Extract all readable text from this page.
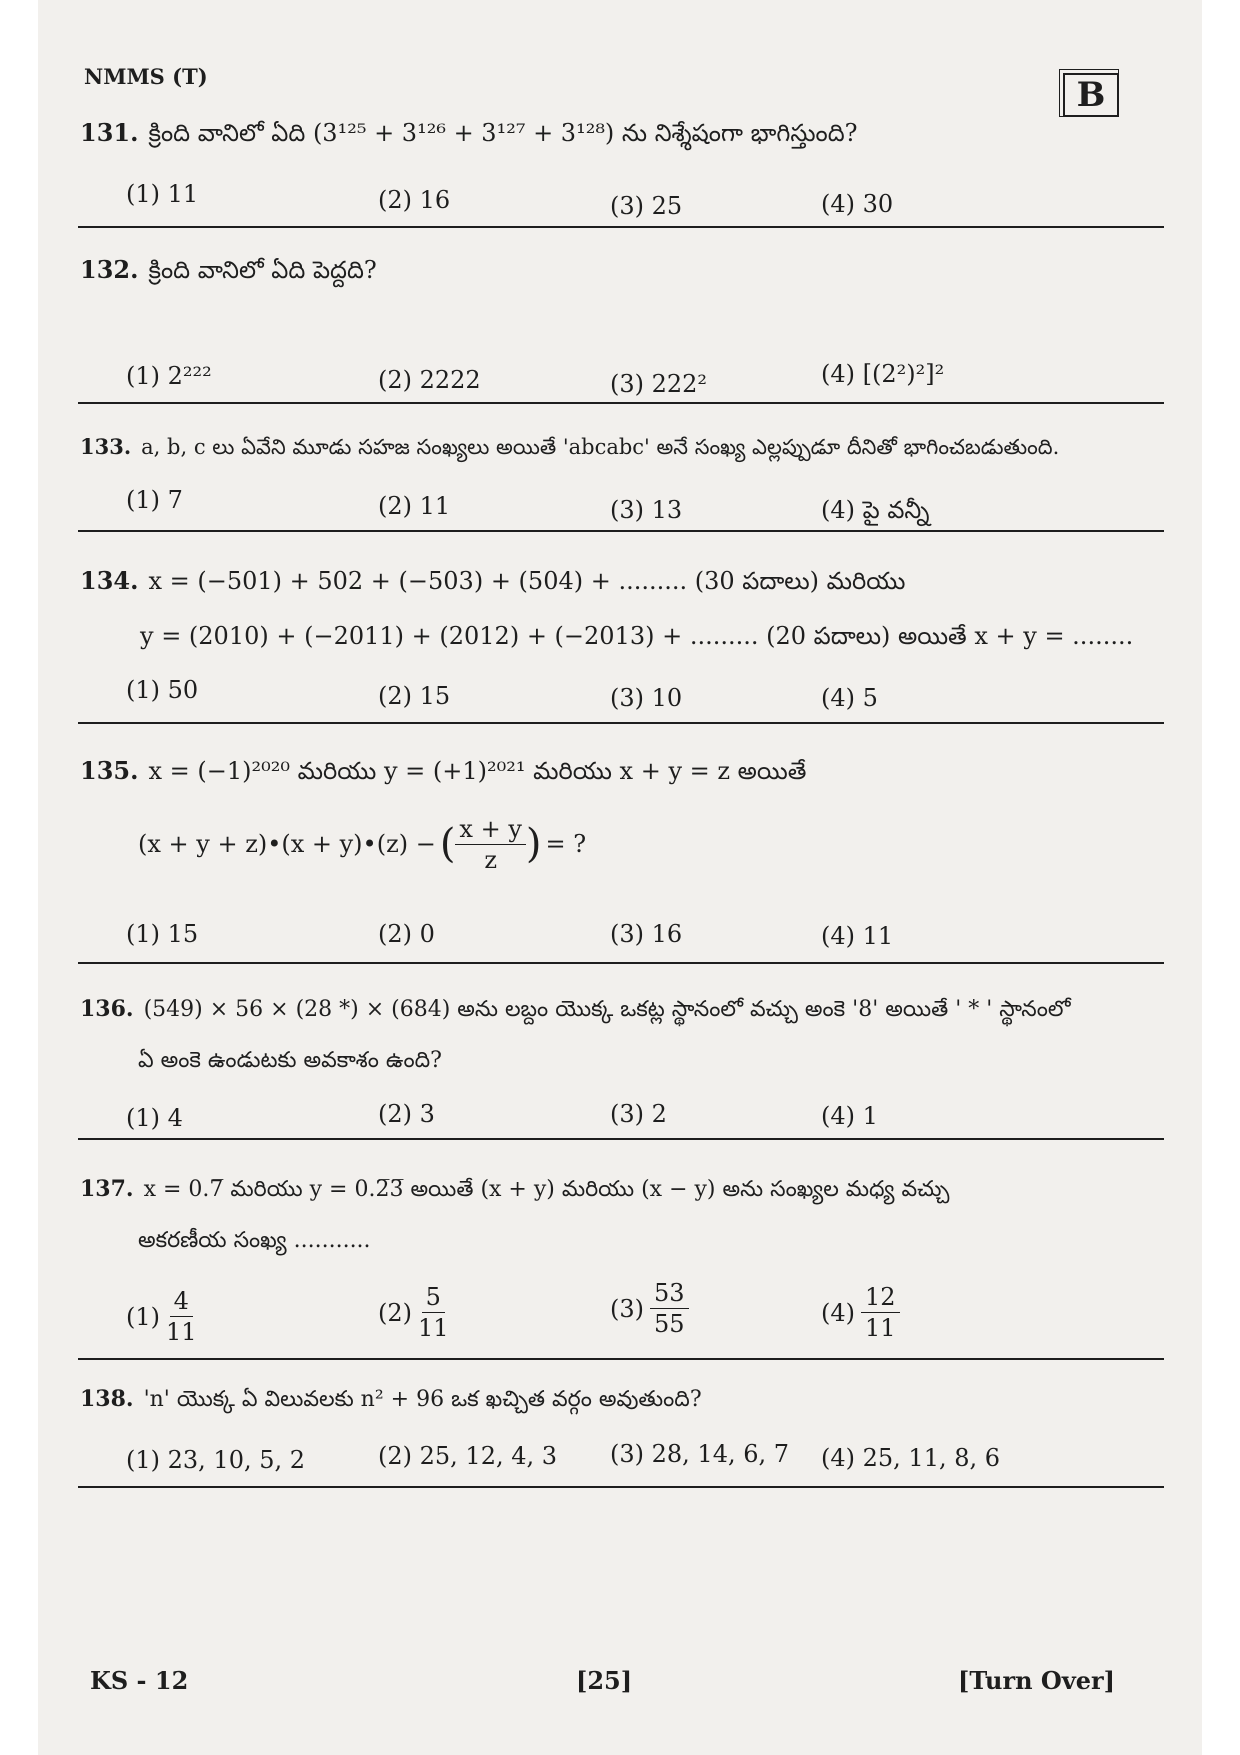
NMMS (T)	B
131. క్రింది వానిలో ఏది (3¹²⁵ + 3¹²⁶ + 3¹²⁷ + 3¹²⁸) ను నిశ్శేషంగా భాగిస్తుంది?
(1) 11	(2) 16	(3) 25	(4) 30
132. క్రింది వానిలో ఏది పెద్దది?
(1) 2²²²	(2) 2222	(3) 222²	(4) [(2²)²]²
133. a, b, c లు ఏవేని మూడు సహజ సంఖ్యలు అయితే 'abcabc' అనే సంఖ్య ఎల్లప్పుడూ దీనితో భాగించబడుతుంది.
(1) 7	(2) 11	(3) 13	(4) పై వన్నీ
134. x = (−501) + 502 + (−503) + (504) + ......... (30 పదాలు) మరియు
y = (2010) + (−2011) + (2012) + (−2013) + ......... (20 పదాలు) అయితే x + y = ........
(1) 50	(2) 15	(3) 10	(4) 5
135. x = (−1)²⁰²⁰ మరియు y = (+1)²⁰²¹ మరియు x + y = z అయితే
(x + y + z)•(x + y)•(z) − ( $\frac{x + y}{z}$ ) = ?
(1) 15	(2) 0	(3) 16	(4) 11
136. (549) × 56 × (28 *) × (684) అను లబ్దం యొక్క ఒకట్ల స్థానంలో వచ్చు అంకె '8' అయితే ' * ' స్థానంలో
ఏ అంకె ఉండుటకు అవకాశం ఉంది?
(1) 4	(2) 3	(3) 2	(4) 1
137. x = 0.7̅ మరియు y = 0.2̅3̅ అయితే (x + y) మరియు (x − y) అను సంఖ్యల మధ్య వచ్చు
అకరణీయ సంఖ్య ...........
$(1) \frac{4}{11}$	$(2) \frac{5}{11}$	$(3) \frac{53}{55}$	$(4) \frac{12}{11}$
138. 'n' యొక్క ఏ విలువలకు n² + 96 ఒక ఖచ్చిత వర్గం అవుతుంది?
(1) 23, 10, 5, 2	(2) 25, 12, 4, 3 (3) 28, 14, 6, 7 (4) 25, 11, 8, 6
KS - 12	[25]	[Turn Over]
